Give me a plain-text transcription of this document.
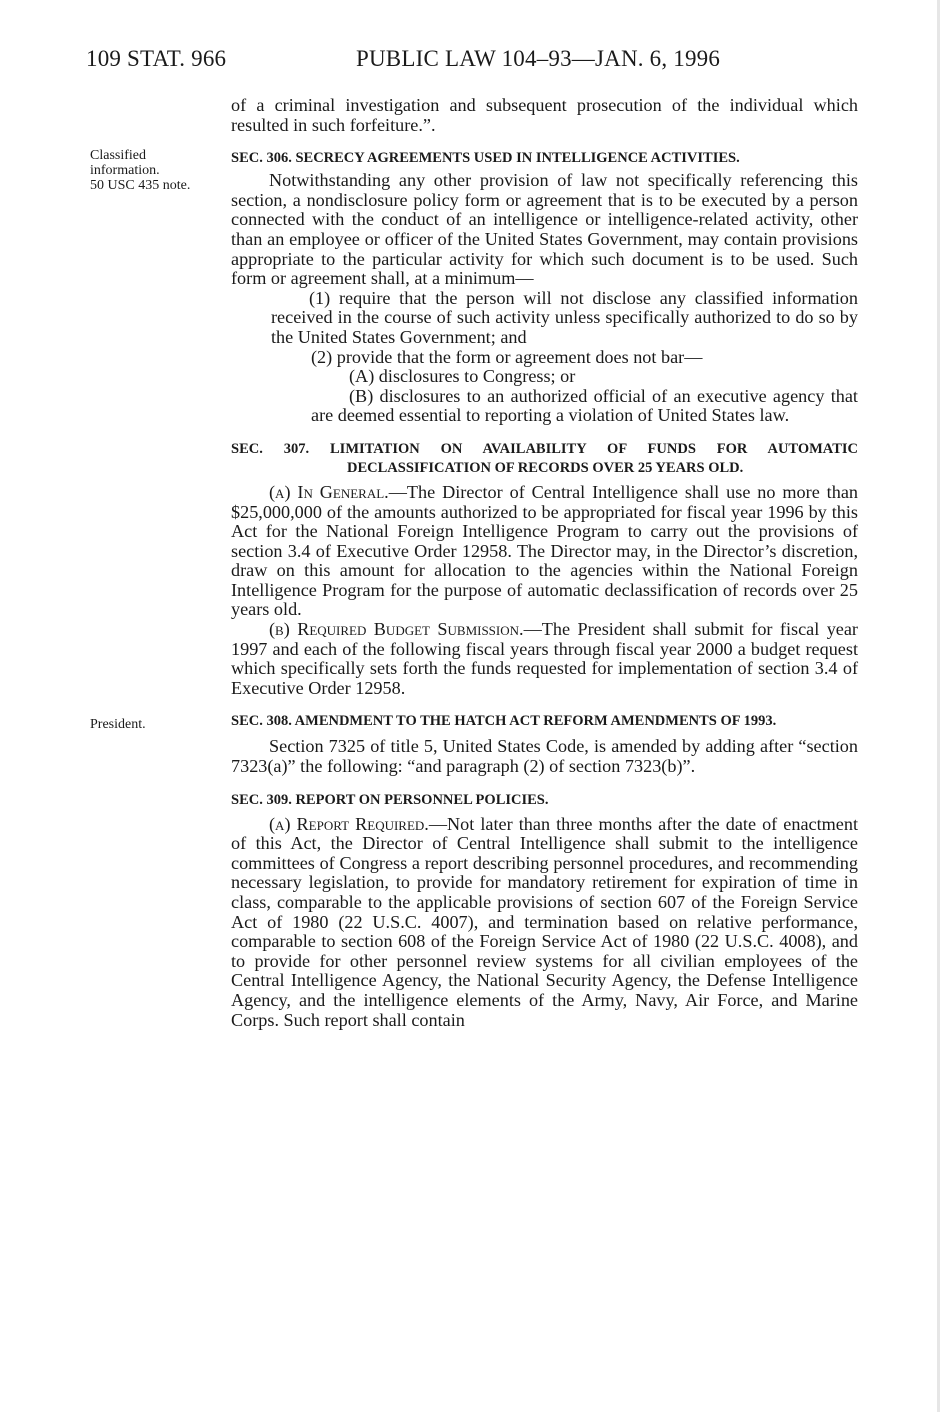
109 STAT. 966	PUBLIC LAW 104–93—JAN. 6, 1996
Classified
information.
50 USC 435 note.
President.

of a criminal investigation and subsequent prosecution of the individual which resulted in such forfeiture.”.

SEC. 306. SECRECY AGREEMENTS USED IN INTELLIGENCE ACTIVITIES.

Notwithstanding any other provision of law not specifically referencing this section, a nondisclosure policy form or agreement that is to be executed by a person connected with the conduct of an intelligence or intelligence-related activity, other than an employee or officer of the United States Government, may contain provisions appropriate to the particular activity for which such document is to be used. Such form or agreement shall, at a minimum—

(1) require that the person will not disclose any classified information received in the course of such activity unless specifically authorized to do so by the United States Government; and

(2) provide that the form or agreement does not bar—

(A) disclosures to Congress; or

(B) disclosures to an authorized official of an executive agency that are deemed essential to reporting a violation of United States law.

SEC. 307. LIMITATION ON AVAILABILITY OF FUNDS FOR AUTOMATIC DECLASSIFICATION OF RECORDS OVER 25 YEARS OLD.

(a) In General.—The Director of Central Intelligence shall use no more than $25,000,000 of the amounts authorized to be appropriated for fiscal year 1996 by this Act for the National Foreign Intelligence Program to carry out the provisions of section 3.4 of Executive Order 12958. The Director may, in the Director’s discretion, draw on this amount for allocation to the agencies within the National Foreign Intelligence Program for the purpose of automatic declassification of records over 25 years old.

(b) Required Budget Submission.—The President shall submit for fiscal year 1997 and each of the following fiscal years through fiscal year 2000 a budget request which specifically sets forth the funds requested for implementation of section 3.4 of Executive Order 12958.

SEC. 308. AMENDMENT TO THE HATCH ACT REFORM AMENDMENTS OF 1993.

Section 7325 of title 5, United States Code, is amended by adding after “section 7323(a)” the following: “and paragraph (2) of section 7323(b)”.

SEC. 309. REPORT ON PERSONNEL POLICIES.

(a) Report Required.—Not later than three months after the date of enactment of this Act, the Director of Central Intelligence shall submit to the intelligence committees of Congress a report describing personnel procedures, and recommending necessary legislation, to provide for mandatory retirement for expiration of time in class, comparable to the applicable provisions of section 607 of the Foreign Service Act of 1980 (22 U.S.C. 4007), and termination based on relative performance, comparable to section 608 of the Foreign Service Act of 1980 (22 U.S.C. 4008), and to provide for other personnel review systems for all civilian employees of the Central Intelligence Agency, the National Security Agency, the Defense Intelligence Agency, and the intelligence elements of the Army, Navy, Air Force, and Marine Corps. Such report shall contain
